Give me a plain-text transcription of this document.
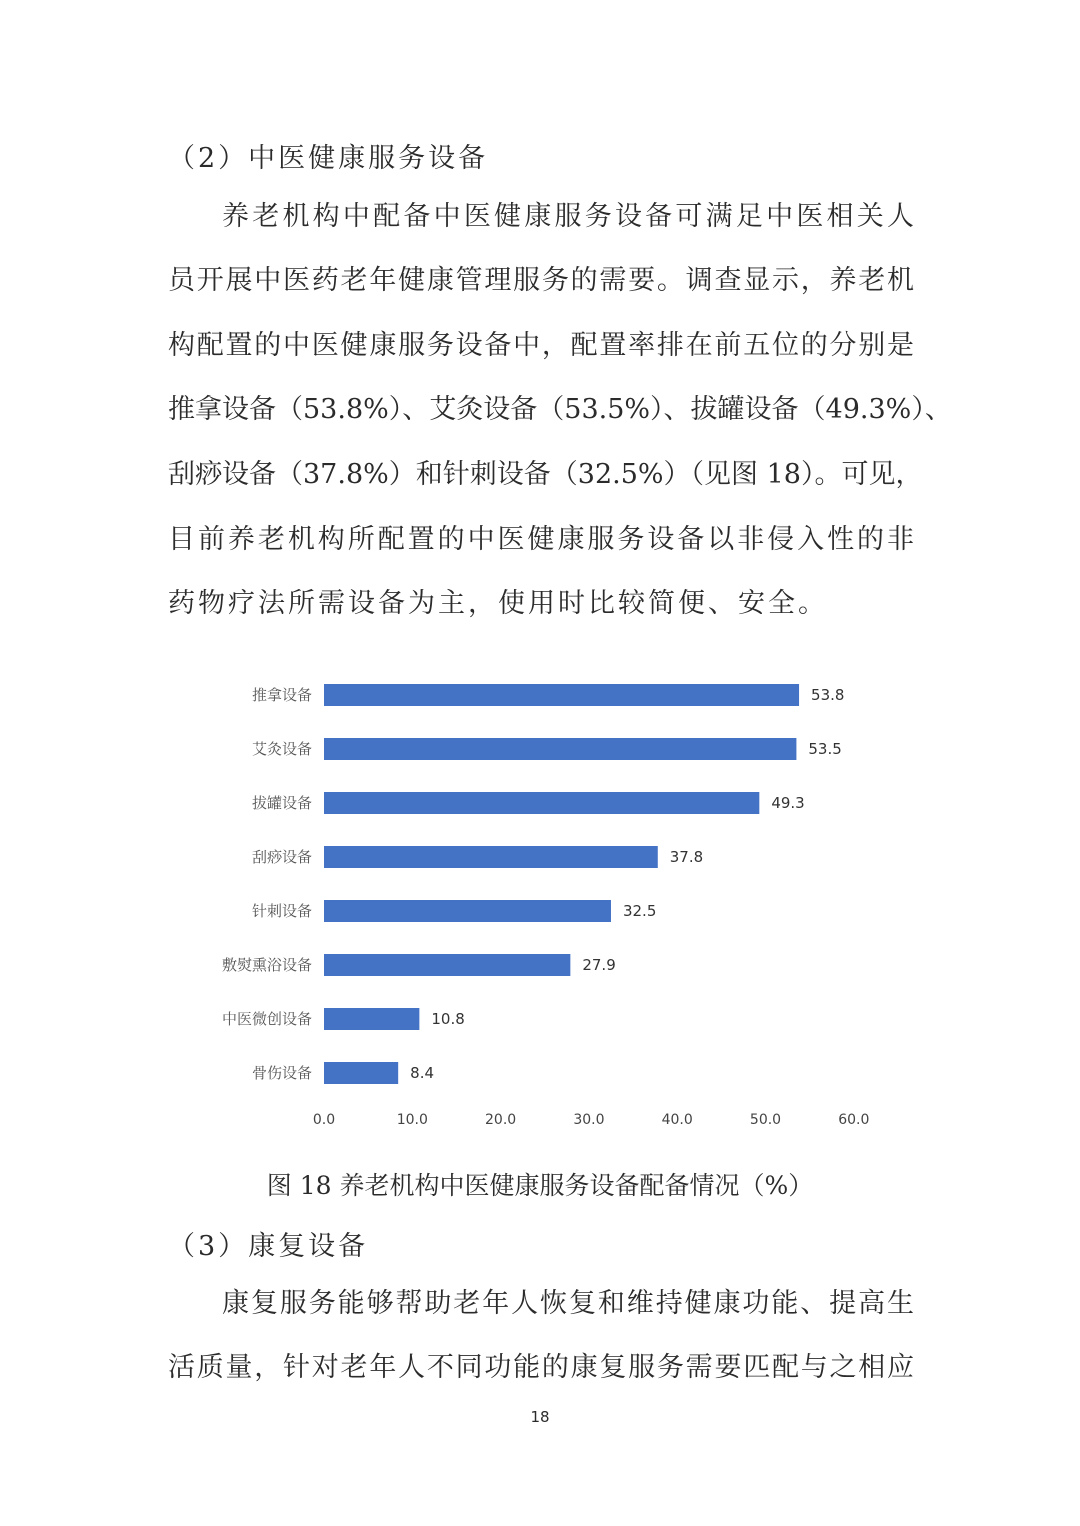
（2）中医健康服务设备
养老机构中配备中医健康服务设备可满足中医相关人
员开展中医药老年健康管理服务的需要。调查显示，养老机
构配置的中医健康服务设备中，配置率排在前五位的分别是
推拿设备（53.8%）、艾灸设备（53.5%）、拔罐设备（49.3%）、
刮痧设备（37.8%）和针刺设备（32.5%）（见图 18）。可见，
目前养老机构所配置的中医健康服务设备以非侵入性的非
药物疗法所需设备为主，使用时比较简便、安全。
推拿设备	53.8
艾灸设备	53.5
拔罐设备	49.3
刮痧设备	37.8
针刺设备	32.5
敷熨熏浴设备	27.9
中医微创设备	10.8
骨伤设备	8.4
0.0	10.0	20.0	30.0	40.0	50.0	60.0
图 18 养老机构中医健康服务设备配备情况（%）
（3）康复设备
康复服务能够帮助老年人恢复和维持健康功能、提高生
活质量，针对老年人不同功能的康复服务需要匹配与之相应
18
